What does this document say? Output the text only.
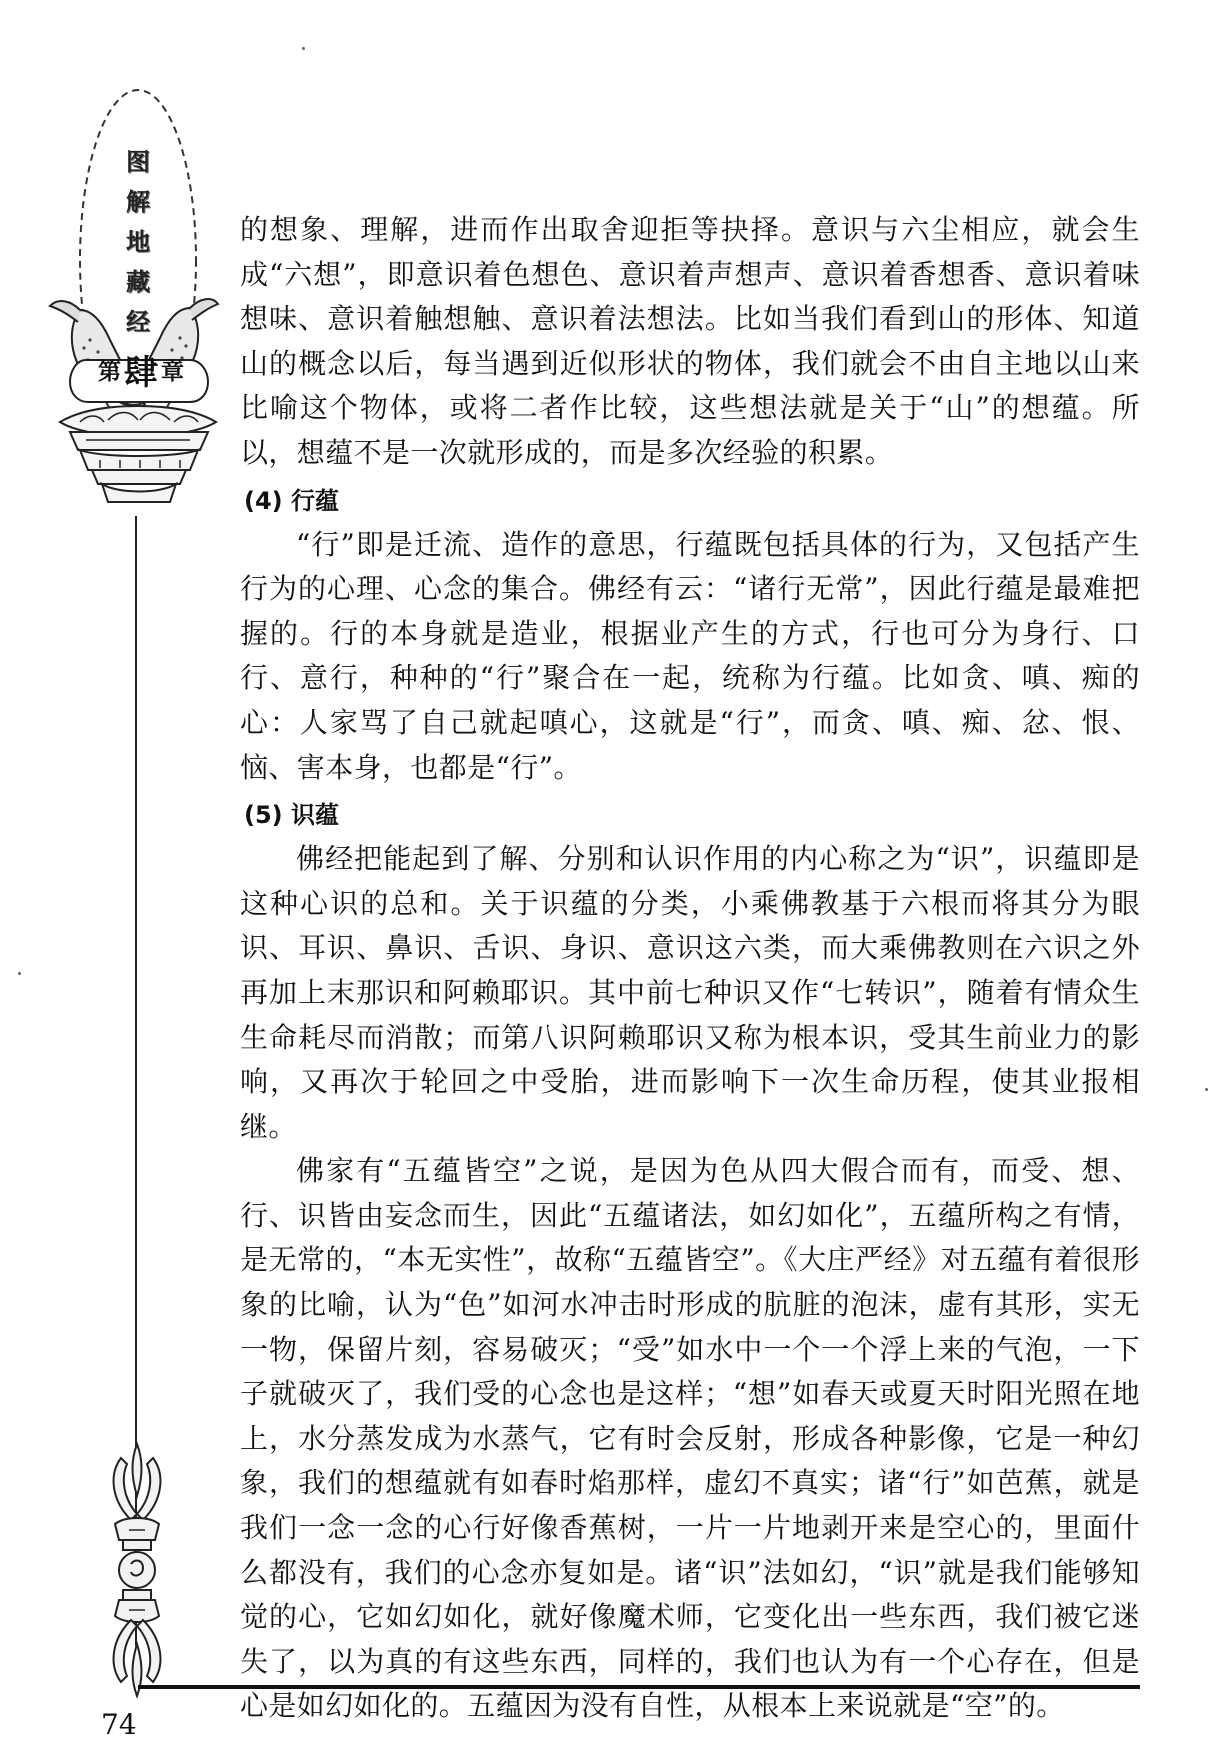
图
解
地
藏
经
第 肆 章

的想象、理解，进而作出取舍迎拒等抉择。意识与六尘相应，就会生成“六想”，即意识着色想色、意识着声想声、意识着香想香、意识着味想味、意识着触想触、意识着法想法。比如当我们看到山的形体、知道山的概念以后，每当遇到近似形状的物体，我们就会不由自主地以山来比喻这个物体，或将二者作比较，这些想法就是关于“山”的想蕴。所以，想蕴不是一次就形成的，而是多次经验的积累。

(4) 行蕴

“行”即是迁流、造作的意思，行蕴既包括具体的行为，又包括产生行为的心理、心念的集合。佛经有云：“诸行无常”，因此行蕴是最难把握的。行的本身就是造业，根据业产生的方式，行也可分为身行、口行、意行，种种的“行”聚合在一起，统称为行蕴。比如贪、嗔、痴的心：人家骂了自己就起嗔心，这就是“行”，而贪、嗔、痴、忿、恨、恼、害本身，也都是“行”。

(5) 识蕴

佛经把能起到了解、分别和认识作用的内心称之为“识”，识蕴即是这种心识的总和。关于识蕴的分类，小乘佛教基于六根而将其分为眼识、耳识、鼻识、舌识、身识、意识这六类，而大乘佛教则在六识之外再加上末那识和阿赖耶识。其中前七种识又作“七转识”，随着有情众生生命耗尽而消散；而第八识阿赖耶识又称为根本识，受其生前业力的影响，又再次于轮回之中受胎，进而影响下一次生命历程，使其业报相继。

佛家有“五蕴皆空”之说，是因为色从四大假合而有，而受、想、行、识皆由妄念而生，因此“五蕴诸法，如幻如化”，五蕴所构之有情，是无常的，“本无实性”，故称“五蕴皆空”。《大庄严经》对五蕴有着很形象的比喻，认为“色”如河水冲击时形成的肮脏的泡沫，虚有其形，实无一物，保留片刻，容易破灭；“受”如水中一个一个浮上来的气泡，一下子就破灭了，我们受的心念也是这样；“想”如春天或夏天时阳光照在地上，水分蒸发成为水蒸气，它有时会反射，形成各种影像，它是一种幻象，我们的想蕴就有如春时焰那样，虚幻不真实；诸“行”如芭蕉，就是我们一念一念的心行好像香蕉树，一片一片地剥开来是空心的，里面什么都没有，我们的心念亦复如是。诸“识”法如幻，“识”就是我们能够知觉的心，它如幻如化，就好像魔术师，它变化出一些东西，我们被它迷失了，以为真的有这些东西，同样的，我们也认为有一个心存在，但是心是如幻如化的。五蕴因为没有自性，从根本上来说就是“空”的。

74
